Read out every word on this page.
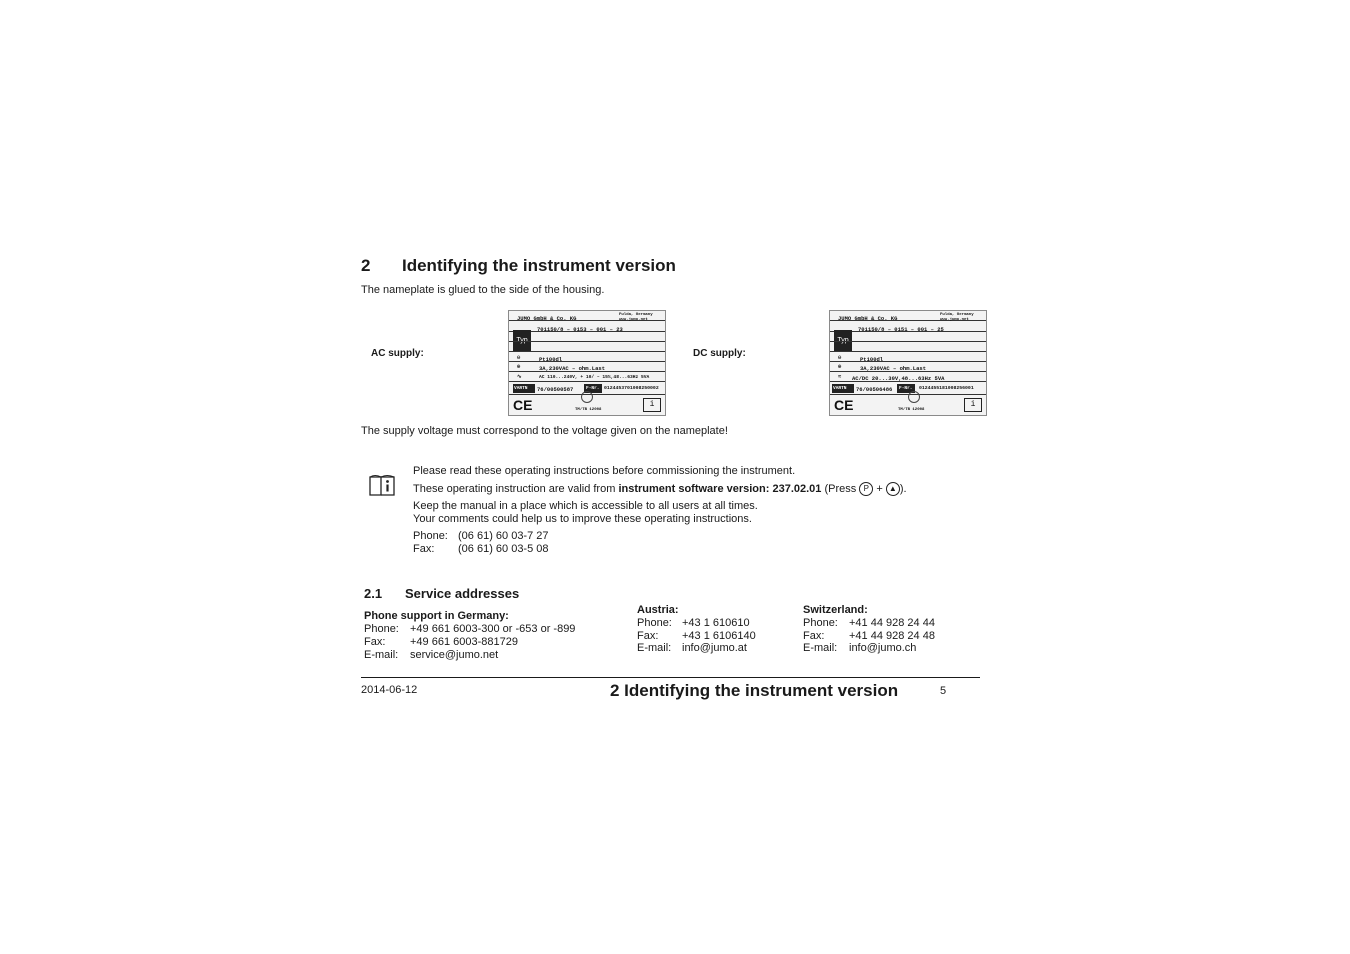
2 Identifying the instrument version
The nameplate is glued to the side of the housing.
AC supply:
JUMO GmbH & Co. KG	Fulda, Germany
www.jumo.net
701150/8 – 0153 – 001 – 23
Typ
⊖	Pt100dl
⊕	3A,230VAC – ohm.Last
∿	AC 110...240V, + 10/ – 15%,48...63Hz 5VA
VARTN 76/00500587	F-Nr. 0124453701008250002
TM/TB 12008
CE	i
DC supply:
JUMO GmbH & Co. KG	Fulda, Germany
www.jumo.net
701150/8 – 0151 – 001 – 25
Typ
⊖	Pt100dl
⊕	3A,230VAC – ohm.Last
≂ AC/DC 20...30V,48...63Hz 5VA
VARTN 76/00506486 F-Nr. 0124455181008256001
TM/TB 12008
CE	i
The supply voltage must correspond to the voltage given on the nameplate!
Please read these operating instructions before commissioning the instrument.
These operating instruction are valid from instrument software version: 237.02.01 (Press P + ▲ ).
Keep the manual in a place which is accessible to all users at all times.
Your comments could help us to improve these operating instructions.
Phone: (06 61) 60 03-7 27
Fax: (06 61) 60 03-5 08
2.1 Service addresses
Phone support in Germany:
Phone: +49 661 6003-300 or -653 or -899
Fax: +49 661 6003-881729
E-mail: service@jumo.net
Austria:
Phone: +43 1 610610
Fax: +43 1 6106140
E-mail: info@jumo.at
Switzerland:
Phone: +41 44 928 24 44
Fax: +41 44 928 24 48
E-mail: info@jumo.ch
2014-06-12	2 Identifying the instrument version	5
